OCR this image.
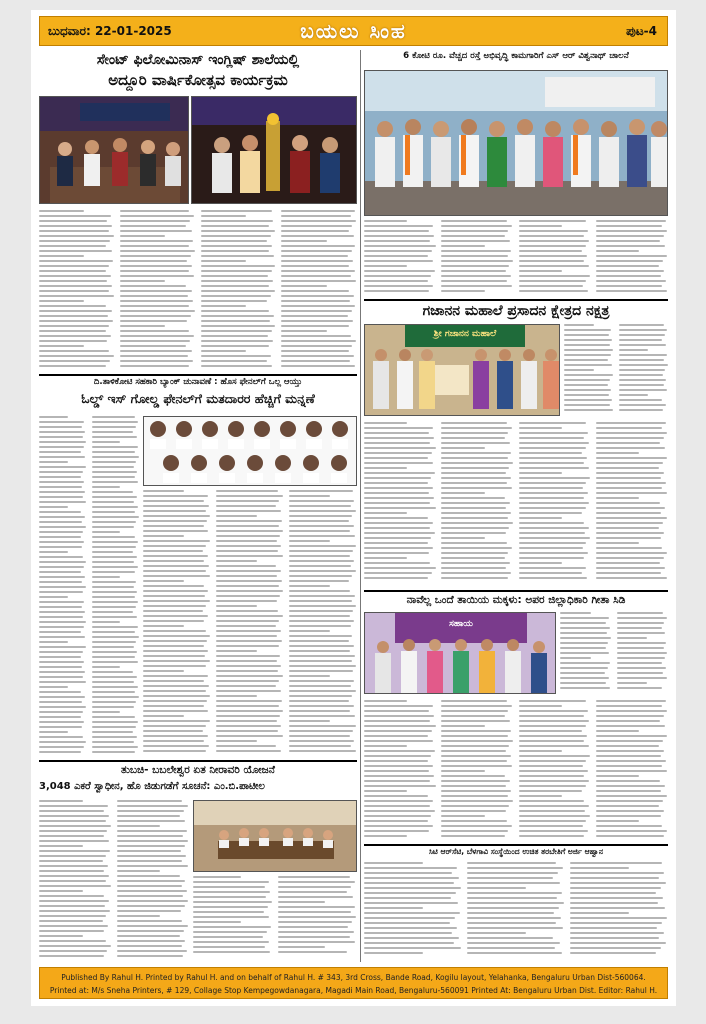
ಬುಧವಾರ: 22-01-2025	ಬಯಲು ಸಿಂಹ	ಪುಟ-4
ಸೇಂಟ್ ಫಿಲೋಮಿನಾಸ್ ಇಂಗ್ಲಿಷ್ ಶಾಲೆಯಲ್ಲಿ
ಅದ್ದೂರಿ ವಾರ್ಷಿಕೋತ್ಸವ ಕಾರ್ಯಕ್ರಮ
ದಿ.ತಾಳಿಕೋಟಿ ಸಹಕಾರಿ ಬ್ಯಾಂಕ್ ಚುನಾವಣೆ : ಹೊಸ ಫೇನಲ್‌ಗೆ ಒಲ್ಲ ಆಯ್ತು
ಓಲ್ಡ್ ಇಸ್ ಗೋಲ್ಡ ಫೇನಲ್‌ಗೆ ಮತದಾರರ ಹೆಚ್ಚಿಗೆ ಮನ್ನಣೆ
ತುಬಚಿ- ಬಬಲೇಶ್ವರ ಏತ ನೀರಾವರಿ ಯೋಜನೆ
3,048 ಎಕರೆ ಸ್ವಾಧೀನ, ಹೊ ಜಿಡುಗಡೆಗೆ ಸೂಚನೆ: ಎಂ.ಬಿ.ಪಾಟೀಲ
6 ಕೋಟಿ ರೂ. ವೆಚ್ಚದ ರಸ್ತೆ ಅಭಿವೃದ್ಧಿ ಕಾಮಗಾರಿಗೆ ಎಸ್ ಆರ್ ವಿಶ್ವನಾಥ್ ಚಾಲನೆ
ಗಜಾನನ ಮಹಾಲೆ ಪ್ರಸಾದನ ಕ್ಷೇತ್ರದ ನಕ್ಷತ್ರ
ಶ್ರೀ ಗಜಾನನ ಮಹಾಲೆ
ನಾವೆಲ್ಲ ಒಂದೆ ತಾಯಿಯ ಮಕ್ಕಳು: ಅಪರ ಜಿಲ್ಲಾಧಿಕಾರಿ ಗೀತಾ ಸಿಡಿ
ಸಹಾಯ
ಸಿಟಿ ಆರ್‌ಸೆಟಿ, ಬೆಳಗಾವಿ ಸಂಸ್ಥೆಯಿಂದ ಉಚಿತ ತರಬೇತಿಗೆ ಅರ್ಜಿ ಆಹ್ವಾನ
Published By Rahul H. Printed by Rahul H. and on behalf of Rahul H. # 343, 3rd Cross, Bande Road, Kogilu layout, Yelahanka, Bengaluru Urban Dist-560064.
Printed at: M/s Sneha Printers, # 129, Collage Stop Kempegowdanagara, Magadi Main Road, Bengaluru-560091 Printed At: Bengaluru Urban Dist. Editor: Rahul H.
